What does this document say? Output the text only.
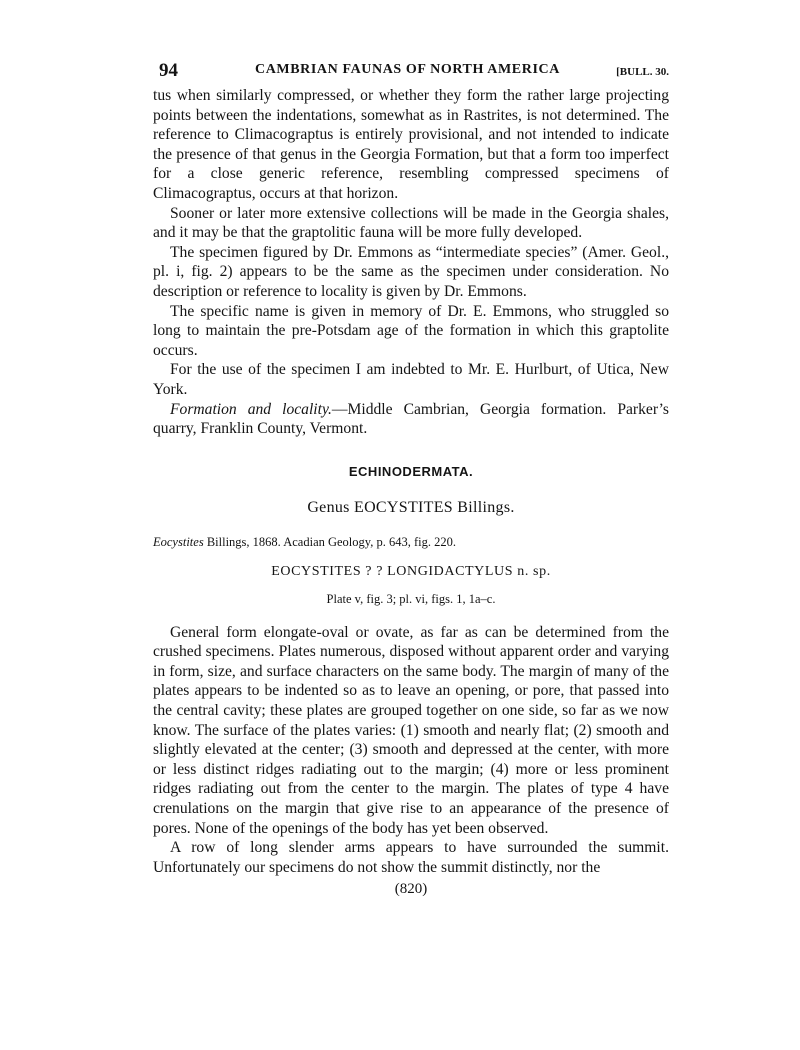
94	CAMBRIAN FAUNAS OF NORTH AMERICA	[BULL. 30.

tus when similarly compressed, or whether they form the rather large projecting points between the indentations, somewhat as in Rastrites, is not determined. The reference to Climacograptus is entirely provisional, and not intended to indicate the presence of that genus in the Georgia Formation, but that a form too imperfect for a close generic reference, resembling compressed specimens of Climacograptus, occurs at that horizon.

Sooner or later more extensive collections will be made in the Georgia shales, and it may be that the graptolitic fauna will be more fully developed.

The specimen figured by Dr. Emmons as “intermediate species” (Amer. Geol., pl. i, fig. 2) appears to be the same as the specimen under consideration. No description or reference to locality is given by Dr. Emmons.

The specific name is given in memory of Dr. E. Emmons, who struggled so long to maintain the pre-Potsdam age of the formation in which this graptolite occurs.

For the use of the specimen I am indebted to Mr. E. Hurlburt, of Utica, New York.

Formation and locality.—Middle Cambrian, Georgia formation. Parker’s quarry, Franklin County, Vermont.

ECHINODERMATA.
Genus EOCYSTITES Billings.
Eocystites Billings, 1868. Acadian Geology, p. 643, fig. 220.
EOCYSTITES ? ? LONGIDACTYLUS n. sp.
Plate v, fig. 3; pl. vi, figs. 1, 1a–c.

General form elongate-oval or ovate, as far as can be determined from the crushed specimens. Plates numerous, disposed without apparent order and varying in form, size, and surface characters on the same body. The margin of many of the plates appears to be indented so as to leave an opening, or pore, that passed into the central cavity; these plates are grouped together on one side, so far as we now know. The surface of the plates varies: (1) smooth and nearly flat; (2) smooth and slightly elevated at the center; (3) smooth and depressed at the center, with more or less distinct ridges radiating out to the margin; (4) more or less prominent ridges radiating out from the center to the margin. The plates of type 4 have crenulations on the margin that give rise to an appearance of the presence of pores. None of the openings of the body has yet been observed.

A row of long slender arms appears to have surrounded the summit. Unfortunately our specimens do not show the summit distinctly, nor the

(820)
